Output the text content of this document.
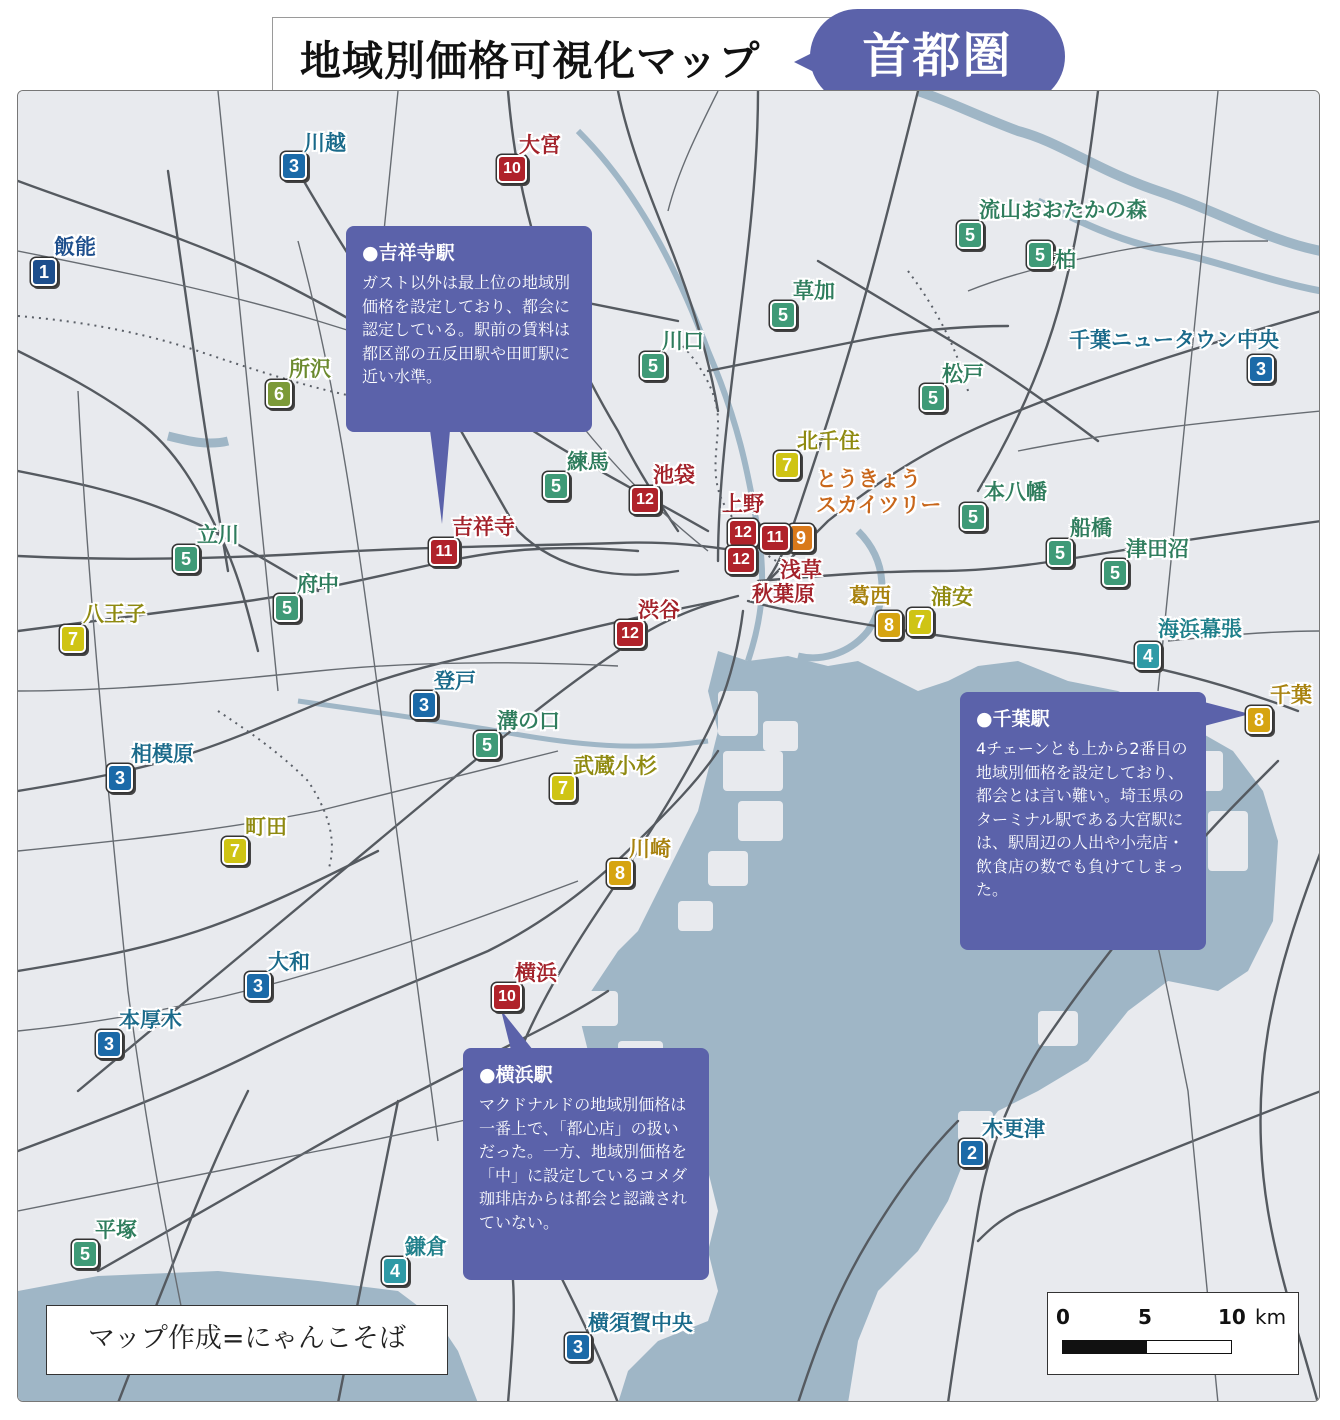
地域別価格可視化マップ	首都圏
●吉祥寺駅
ガスト以外は最上位の地域別価格を設定しており、都会に認定している。駅前の賃料は都区部の五反田駅や田町駅に近い水準。
●千葉駅
4チェーンとも上から2番目の地域別価格を設定しており、都会とは言い難い。埼玉県のターミナル駅である大宮駅には、駅周辺の人出や小売店・飲食店の数でも負けてしまった。
●横浜駅
マクドナルドの地域別価格は一番上で、「都心店」の扱いだった。一方、地域別価格を「中」に設定しているコメダ珈琲店からは都会と認識されていない。
3
川越
10
大宮
1
飯能	5
流山おおたかの森
5 柏
5
草加
3
千葉ニュータウン中央
5
川口
6
所沢
5
松戸
7
北千住
5
練馬
12
池袋
12
上野
9
とうきょう
スカイツリー	5
本八幡
5
船橋
5
津田沼
5
立川
11
吉祥寺	11
浅草
12
秋葉原
5
府中
8
葛西
7
浦安
7
八王子
12
渋谷
4
海浜幕張
3
登戸
8
千葉
5
溝の口
3
相模原
7
武蔵小杉
7
町田
8
川崎
3
大和
10
横浜
3
本厚木
2
木更津
5
平塚
4
鎌倉
3
横須賀中央
マップ作成=にゃんこそば
0	5	10 km
